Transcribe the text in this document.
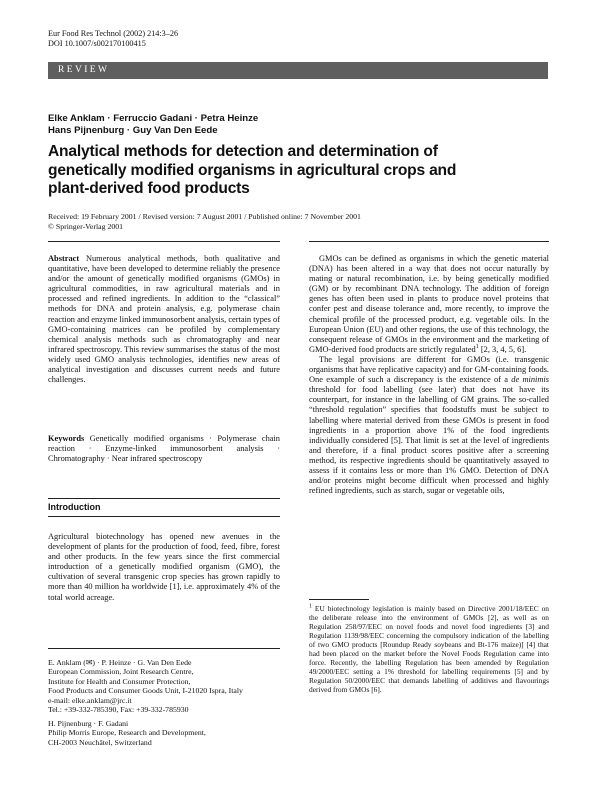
Eur Food Res Technol (2002) 214:3–26
DOI 10.1007/s002170100415
REVIEW
Elke Anklam · Ferruccio Gadani · Petra Heinze
Hans Pijnenburg · Guy Van Den Eede
Analytical methods for detection and determination of genetically modified organisms in agricultural crops and plant-derived food products
Received: 19 February 2001 / Revised version: 7 August 2001 / Published online: 7 November 2001
© Springer-Verlag 2001
Abstract Numerous analytical methods, both qualitative and quantitative, have been developed to determine reliably the presence and/or the amount of genetically modified organisms (GMOs) in agricultural commodities, in raw agricultural materials and in processed and refined ingredients. In addition to the “classical” methods for DNA and protein analysis, e.g. polymerase chain reaction and enzyme linked immunosorbent analysis, certain types of GMO-containing matrices can be profiled by complementary chemical analysis methods such as chromatography and near infrared spectroscopy. This review summarises the status of the most widely used GMO analysis technologies, identifies new areas of analytical investigation and discusses current needs and future challenges.
Keywords Genetically modified organisms · Polymerase chain reaction · Enzyme-linked immunosorbent analysis · Chromatography · Near infrared spectroscopy
Introduction
Agricultural biotechnology has opened new avenues in the development of plants for the production of food, feed, fibre, forest and other products. In the few years since the first commercial introduction of a genetically modified organism (GMO), the cultivation of several transgenic crop species has grown rapidly to more than 40 million ha worldwide [1], i.e. approximately 4% of the total world acreage.
E. Anklam (✉) · P. Heinze · G. Van Den Eede
European Commission, Joint Research Centre,
Institute for Health and Consumer Protection,
Food Products and Consumer Goods Unit, I-21020 Ispra, Italy
e-mail: elke.anklam@jrc.it
Tel.: +39-332-785390, Fax: +39-332-785930
H. Pijnenburg · F. Gadani
Philip Morris Europe, Research and Development,
CH-2003 Neuchâtel, Switzerland

GMOs can be defined as organisms in which the genetic material (DNA) has been altered in a way that does not occur naturally by mating or natural recombination, i.e. by being genetically modified (GM) or by recombinant DNA technology. The addition of foreign genes has often been used in plants to produce novel proteins that confer pest and disease tolerance and, more recently, to improve the chemical profile of the processed product, e.g. vegetable oils. In the European Union (EU) and other regions, the use of this technology, the consequent release of GMOs in the environment and the marketing of GMO-derived food products are strictly regulated$^1$ [2, 3, 4, 5, 6].

The legal provisions are different for GMOs (i.e. transgenic organisms that have replicative capacity) and for GM-containing foods. One example of such a discrepancy is the existence of a de minimis threshold for food labelling (see later) that does not have its counterpart, for instance in the labelling of GM grains. The so-called “threshold regulation” specifies that foodstuffs must be subject to labelling where material derived from these GMOs is present in food ingredients in a proportion above 1% of the food ingredients individually considered [5]. That limit is set at the level of ingredients and therefore, if a final product scores positive after a screening method, its respective ingredients should be quantitatively assayed to assess if it contains less or more than 1% GMO. Detection of DNA and/or proteins might become difficult when processed and highly refined ingredients, such as starch, sugar or vegetable oils,

$^1$ EU biotechnology legislation is mainly based on Directive 2001/18/EEC on the deliberate release into the environment of GMOs [2], as well as on Regulation 258/97/EEC on novel foods and novel food ingredients [3] and Regulation 1139/98/EEC concerning the compulsory indication of the labelling of two GMO products [Roundup Ready soybeans and Bt-176 maize)] [4] that had been placed on the market before the Novel Foods Regulation came into force. Recently, the labelling Regulation has been amended by Regulation 49/2000/EEC setting a 1% threshold for labelling requirements [5] and by Regulation 50/2000/EEC that demands labelling of additives and flavourings derived from GMOs [6].
